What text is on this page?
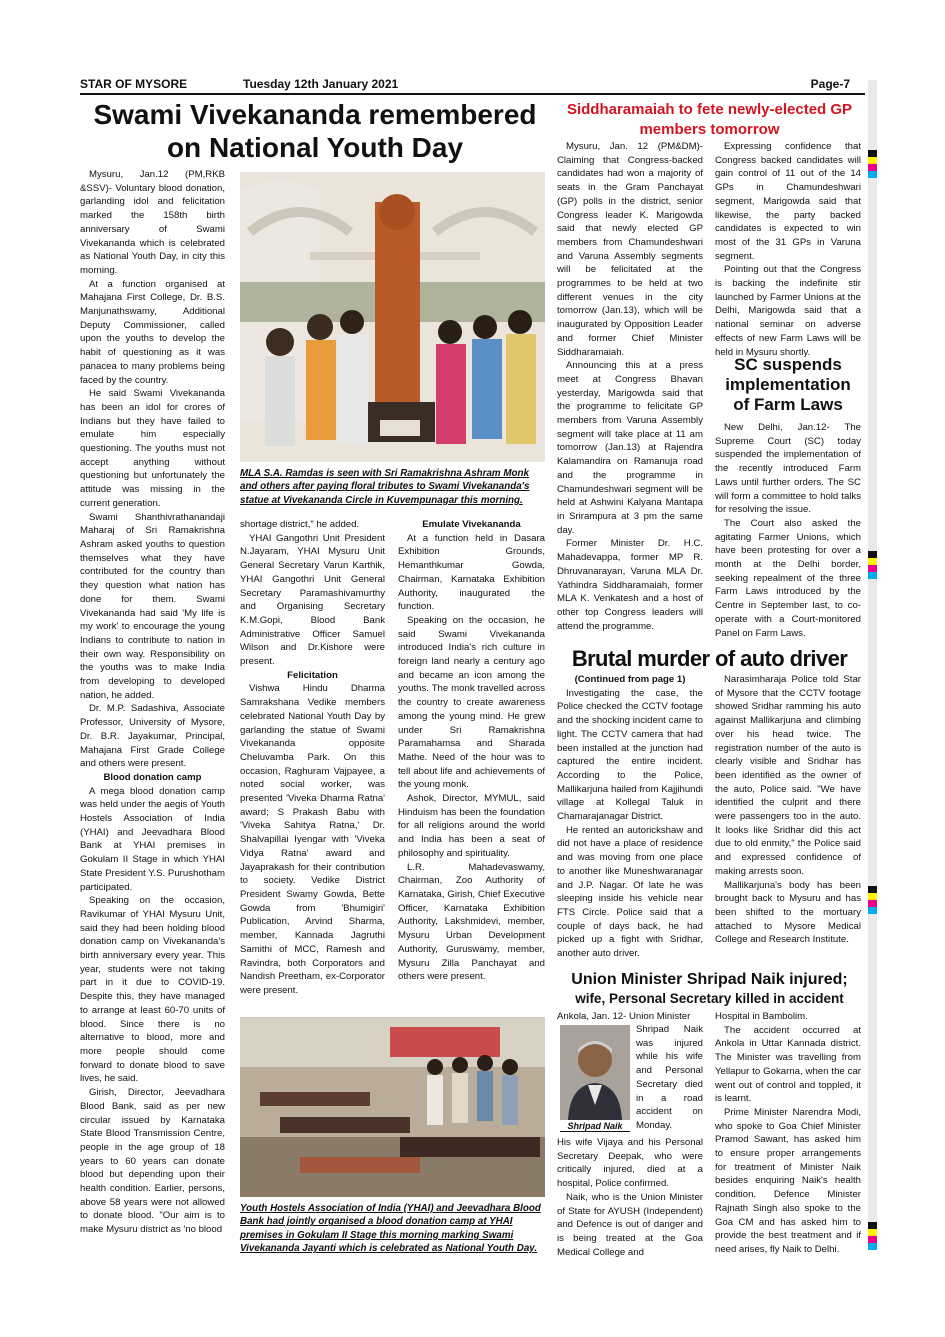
STAR OF MYSORE	Tuesday 12th January 2021	Page-7
Swami Vivekananda remembered on National Youth Day

Mysuru, Jan.12 (PM,RKB &SSV)- Voluntary blood donation, garlanding idol and felicitation marked the 158th birth anniversary of Swami Vivekananda which is celebrated as National Youth Day, in city this morning.

At a function organised at Mahajana First College, Dr. B.S. Manjunathswamy, Additional Deputy Commissioner, called upon the youths to develop the habit of questioning as it was panacea to many problems being faced by the country.

He said Swami Vivekananda has been an idol for crores of Indians but they have failed to emulate him especially questioning. The youths must not accept anything without questioning but unfortunately the attitude was missing in the current generation.

Swami Shanthivrathanandaji Maharaj of Sri Ramakrishna Ashram asked youths to question themselves what they have contributed for the country than they question what nation has done for them. Swami Vivekananda had said 'My life is my work' to encourage the young Indians to contribute to nation in their own way. Responsibility on the youths was to make India from developing to developed nation, he added.

Dr. M.P. Sadashiva, Associate Professor, University of Mysore, Dr. B.R. Jayakumar, Principal, Mahajana First Grade College and others were present.

Blood donation camp

A mega blood donation camp was held under the aegis of Youth Hostels Association of India (YHAI) and Jeevadhara Blood Bank at YHAI premises in Gokulam II Stage in which YHAI State President Y.S. Purushotham participated.

Speaking on the occasion, Ravikumar of YHAI Mysuru Unit, said they had been holding blood donation camp on Vivekananda's birth anniversary every year. This year, students were not taking part in it due to COVID-19. Despite this, they have managed to arrange at least 60-70 units of blood. Since there is no alternative to blood, more and more people should come forward to donate blood to save lives, he said.

Girish, Director, Jeevadhara Blood Bank, said as per new circular issued by Karnataka State Blood Transmission Centre, people in the age group of 18 years to 60 years can donate blood but depending upon their health condition. Earlier, persons, above 58 years were not allowed to donate blood. "Our aim is to make Mysuru district as 'no blood

MLA S.A. Ramdas is seen with Sri Ramakrishna Ashram Monk and others after paying floral tributes to Swami Vivekananda's statue at Vivekananda Circle in Kuvempunagar this morning.

shortage district," he added.

YHAI Gangothri Unit President N.Jayaram, YHAI Mysuru Unit General Secretary Varun Karthik, YHAI Gangothri Unit General Secretary Paramashivamurthy and Organising Secretary K.M.Gopi, Blood Bank Administrative Officer Samuel Wilson and Dr.Kishore were present.

Felicitation

Vishwa Hindu Dharma Samrakshana Vedike members celebrated National Youth Day by garlanding the statue of Swami Vivekananda opposite Cheluvamba Park. On this occasion, Raghuram Vajpayee, a noted social worker, was presented 'Viveka Dharma Ratna' award; S Prakash Babu with 'Viveka Sahitya Ratna,' Dr. Shalvapillai Iyengar with 'Viveka Vidya Ratna' award and Jayaprakash for their contribution to society. Vedike District President Swamy Gowda, Bette Gowda from 'Bhumigiri' Publication, Arvind Sharma, member, Kannada Jagruthi Samithi of MCC, Ramesh and Ravindra, both Corporators and Nandish Preetham, ex-Corporator were present.

Emulate Vivekananda

At a function held in Dasara Exhibition Grounds, Hemanthkumar Gowda, Chairman, Karnataka Exhibition Authority, inaugurated the function.

Speaking on the occasion, he said Swami Vivekananda introduced India's rich culture in foreign land nearly a century ago and became an icon among the youths. The monk travelled across the country to create awareness among the young mind. He grew under Sri Ramakrishna Paramahamsa and Sharada Mathe. Need of the hour was to tell about life and achievements of the young monk.

Ashok, Director, MYMUL, said Hinduism has been the foundation for all religions around the world and India has been a seat of philosophy and spirituality.

L.R. Mahadevaswamy, Chairman, Zoo Authority of Karnataka, Girish, Chief Executive Officer, Karnataka Exhibition Authority, Lakshmidevi, member, Mysuru Urban Development Authority, Guruswamy, member, Mysuru Zilla Panchayat and others were present.

Youth Hostels Association of India (YHAI) and Jeevadhara Blood Bank had jointly organised a blood donation camp at YHAI premises in Gokulam II Stage this morning marking Swami Vivekananda Jayanti which is celebrated as National Youth Day.
Siddharamaiah to fete newly-elected GP members tomorrow

Mysuru, Jan. 12 (PM&DM)- Claiming that Congress-backed candidates had won a majority of seats in the Gram Panchayat (GP) polls in the district, senior Congress leader K. Marigowda said that newly elected GP members from Chamundeshwari and Varuna Assembly segments will be felicitated at the programmes to be held at two different venues in the city tomorrow (Jan.13), which will be inaugurated by Opposition Leader and former Chief Minister Siddharamaiah.

Announcing this at a press meet at Congress Bhavan yesterday, Marigowda said that the programme to felicitate GP members from Varuna Assembly segment will take place at 11 am tomorrow (Jan.13) at Rajendra Kalamandira on Ramanuja road and the programme in Chamundeshwari segment will be held at Ashwini Kalyana Mantapa in Srirampura at 3 pm the same day.

Former Minister Dr. H.C. Mahadevappa, former MP R. Dhruvanarayan, Varuna MLA Dr. Yathindra Siddharamaiah, former MLA K. Venkatesh and a host of other top Congress leaders will attend the programme.

Expressing confidence that Congress backed candidates will gain control of 11 out of the 14 GPs in Chamundeshwari segment, Marigowda said that likewise, the party backed candidates is expected to win most of the 31 GPs in Varuna segment.

Pointing out that the Congress is backing the indefinite stir launched by Farmer Unions at the Delhi, Marigowda said that a national seminar on adverse effects of new Farm Laws will be held in Mysuru shortly.

SC suspends implementation of Farm Laws

New Delhi, Jan.12- The Supreme Court (SC) today suspended the implementation of the recently introduced Farm Laws until further orders. The SC will form a committee to hold talks for resolving the issue.

The Court also asked the agitating Farmer Unions, which have been protesting for over a month at the Delhi border, seeking repealment of the three Farm Laws introduced by the Centre in September last, to co-operate with a Court-monitored Panel on Farm Laws.

Brutal murder of auto driver

(Continued from page 1)

Investigating the case, the Police checked the CCTV footage and the shocking incident came to light. The CCTV camera that had been installed at the junction had captured the entire incident. According to the Police, Mallikarjuna hailed from Kajjihundi village at Kollegal Taluk in Chamarajanagar District.

He rented an autorickshaw and did not have a place of residence and was moving from one place to another like Muneshwaranagar and J.P. Nagar. Of late he was sleeping inside his vehicle near FTS Circle. Police said that a couple of days back, he had picked up a fight with Sridhar, another auto driver.

Narasimharaja Police told Star of Mysore that the CCTV footage showed Sridhar ramming his auto against Mallikarjuna and climbing over his head twice. The registration number of the auto is clearly visible and Sridhar has been identified as the owner of the auto, Police said. "We have identified the culprit and there were passengers too in the auto. It looks like Sridhar did this act due to old enmity," the Police said and expressed confidence of making arrests soon.

Mallikarjuna's body has been brought back to Mysuru and has been shifted to the mortuary attached to Mysore Medical College and Research Institute.

Union Minister Shripad Naik injured;
wife, Personal Secretary killed in accident
Ankola, Jan. 12- Union Minister
Shripad Naik
Shripad Naik was injured while his wife and Personal Secretary died in a road accident on Monday.

His wife Vijaya and his Personal Secretary Deepak, who were critically injured, died at a hospital, Police confirmed.

Naik, who is the Union Minister of State for AYUSH (Independent) and Defence is out of danger and is being treated at the Goa Medical College and

Hospital in Bambolim.

The accident occurred at Ankola in Uttar Kannada district. The Minister was travelling from Yellapur to Gokarna, when the car went out of control and toppled, it is learnt.

Prime Minister Narendra Modi, who spoke to Goa Chief Minister Pramod Sawant, has asked him to ensure proper arrangements for treatment of Minister Naik besides enquiring Naik's health condition. Defence Minister Rajnath Singh also spoke to the Goa CM and has asked him to provide the best treatment and if need arises, fly Naik to Delhi.
